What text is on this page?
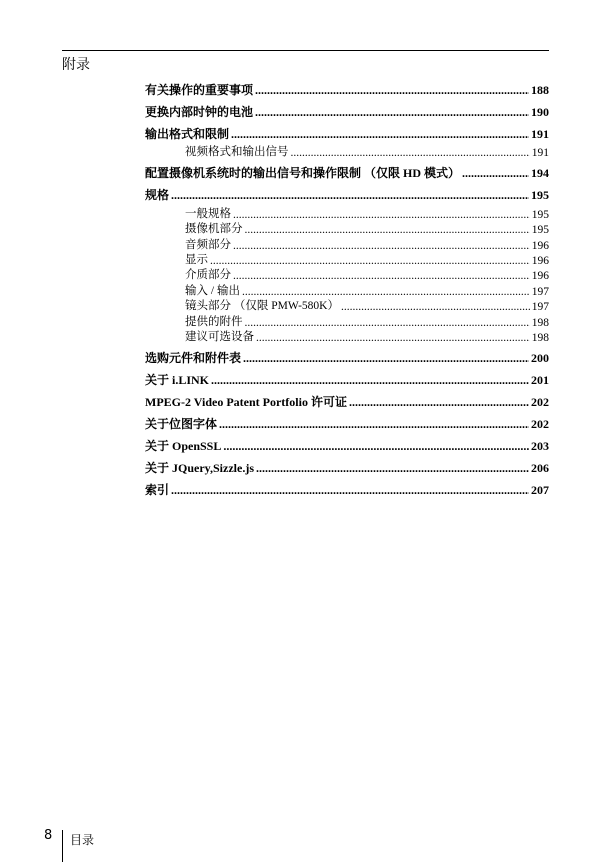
附录
有关操作的重要事项 .....	188
更换内部时钟的电池 .....	190
输出格式和限制 .....	191
视频格式和输出信号 .....	191
配置摄像机系统时的输出信号和操作限制 （仅限 HD 模式） .....	194
规格 .....	195
一般规格 .....	195
摄像机部分 .....	195
音频部分 .....	196
显示 .....	196
介质部分 .....	196
输入 / 输出 .....	197
镜头部分 （仅限 PMW-580K） .....	197
提供的附件 .....	198
建议可选设备 .....	198
选购元件和附件表 .....	200
关于 i.LINK .....	201
MPEG-2 Video Patent Portfolio 许可证 .....	202
关于位图字体 .....	202
关于 OpenSSL .....	203
关于 JQuery,Sizzle.js .....	206
索引 .....	207
8 目录
